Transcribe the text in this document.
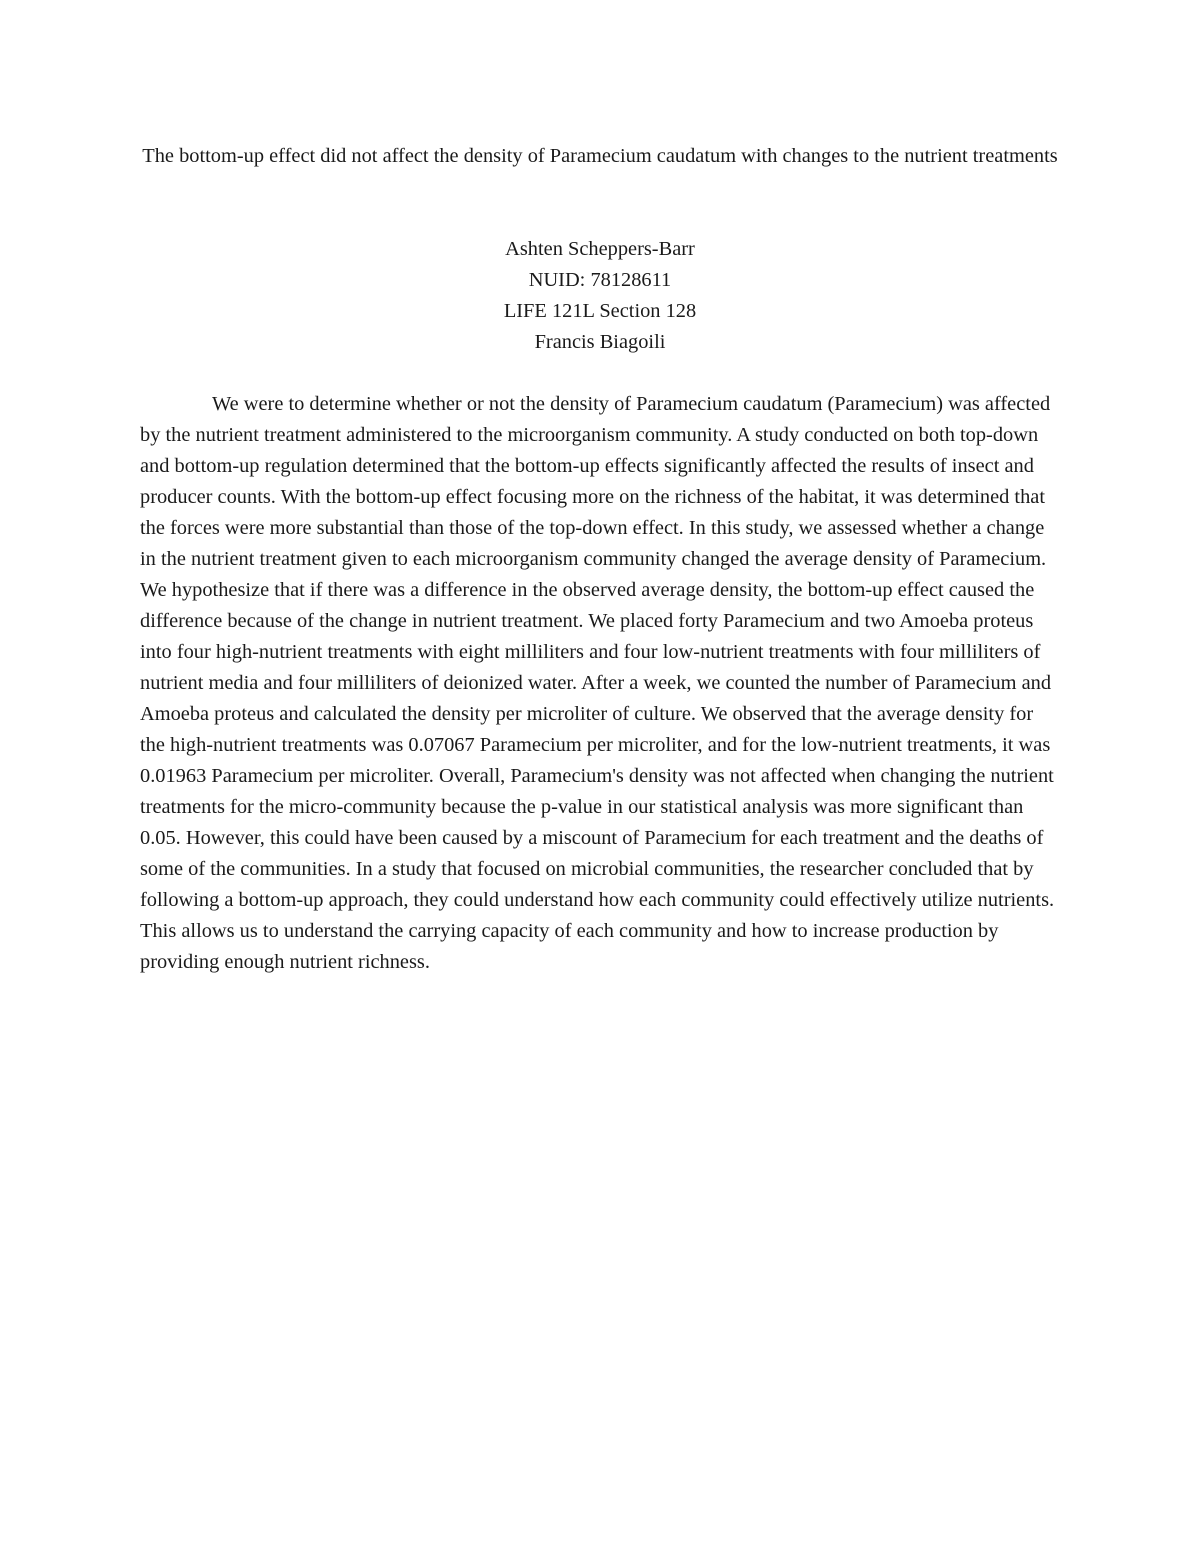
The bottom-up effect did not affect the density of Paramecium caudatum with changes to the nutrient treatments
Ashten Scheppers-Barr
NUID: 78128611
LIFE 121L Section 128
Francis Biagoili

We were to determine whether or not the density of Paramecium caudatum (Paramecium) was affected by the nutrient treatment administered to the microorganism community. A study conducted on both top-down and bottom-up regulation determined that the bottom-up effects significantly affected the results of insect and producer counts. With the bottom-up effect focusing more on the richness of the habitat, it was determined that the forces were more substantial than those of the top-down effect. In this study, we assessed whether a change in the nutrient treatment given to each microorganism community changed the average density of Paramecium. We hypothesize that if there was a difference in the observed average density, the bottom-up effect caused the difference because of the change in nutrient treatment. We placed forty Paramecium and two Amoeba proteus into four high-nutrient treatments with eight milliliters and four low-nutrient treatments with four milliliters of nutrient media and four milliliters of deionized water. After a week, we counted the number of Paramecium and Amoeba proteus and calculated the density per microliter of culture. We observed that the average density for the high-nutrient treatments was 0.07067 Paramecium per microliter, and for the low-nutrient treatments, it was 0.01963 Paramecium per microliter. Overall, Paramecium's density was not affected when changing the nutrient treatments for the micro-community because the p-value in our statistical analysis was more significant than 0.05. However, this could have been caused by a miscount of Paramecium for each treatment and the deaths of some of the communities. In a study that focused on microbial communities, the researcher concluded that by following a bottom-up approach, they could understand how each community could effectively utilize nutrients. This allows us to understand the carrying capacity of each community and how to increase production by providing enough nutrient richness.
